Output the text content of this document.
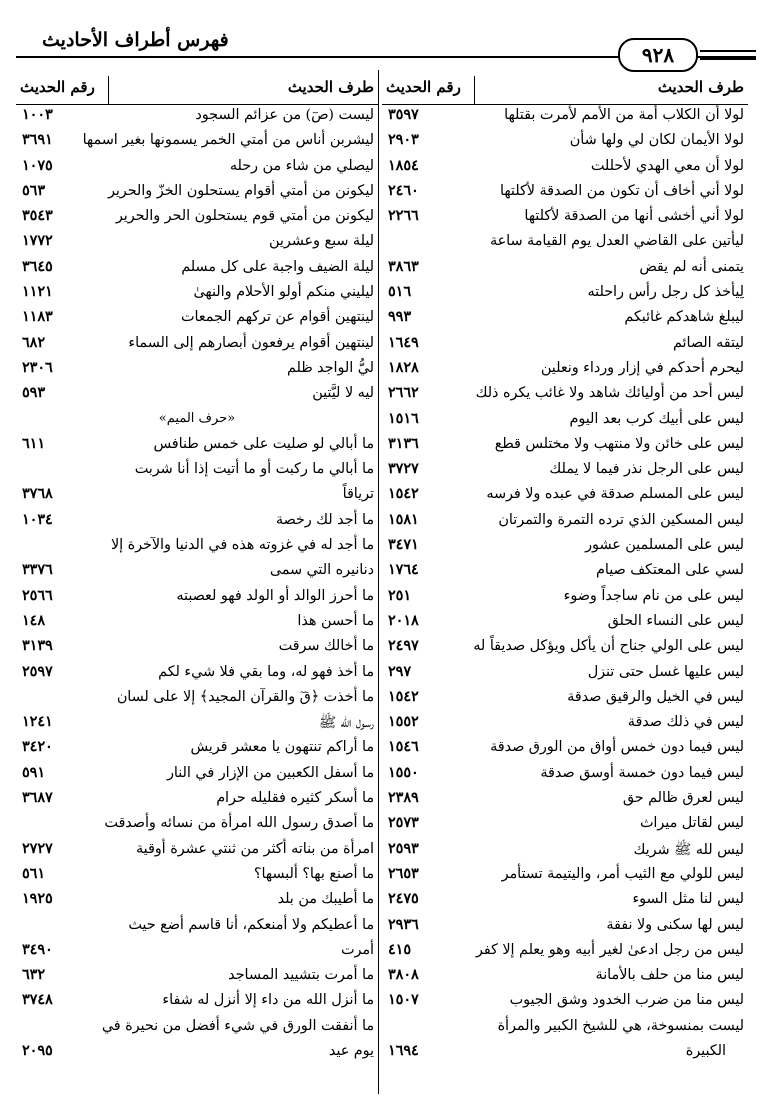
٩٢٨
فهرس أطراف الأحاديث
طرف الحديث
رقم الحديث
لولا أن الكلاب أمة من الأمم لأمرت بقتلها
٣٥٩٧
لولا الأيمان لكان لي ولها شأن
٢٩٠٣
لولا أن معي الهدي لأحللت
١٨٥٤
لولا أني أخاف أن تكون من الصدقة لأكلتها
٢٤٦٠
لولا أني أخشى أنها من الصدقة لأكلتها
٢٢٦٦
ليأتين على القاضي العدل يوم القيامة ساعة
يتمنى أنه لم يقض
٣٨٦٣
لِيأخذ كل رجل رأس راحلته
٥١٦
ليبلغ شاهدكم غائبكم
٩٩٣
ليتقه الصائم
١٦٤٩
ليحرم أحدكم في إزار ورداء ونعلين
١٨٢٨
ليس أحد من أوليائك شاهد ولا غائب يكره ذلك
٢٦٦٢
ليس على أبيك كرب بعد اليوم
١٥١٦
ليس على خائن ولا منتهب ولا مختلس قطع
٣١٣٦
ليس على الرجل نذر فيما لا يملك
٣٧٢٧
ليس على المسلم صدقة في عبده ولا فرسه
١٥٤٢
ليس المسكين الذي ترده التمرة والتمرتان
١٥٨١
ليس على المسلمين عشور
٣٤٧١
لسي على المعتكف صيام
١٧٦٤
ليس على من نام ساجداً وضوء
٢٥١
ليس على النساء الحلق
٢٠١٨
ليس على الولي جناح أن يأكل ويؤكل صديقاً له
٢٤٩٧
ليس عليها غسل حتى تنزل
٢٩٧
ليس في الخيل والرقيق صدقة
١٥٤٢
ليس في ذلك صدقة
١٥٥٢
ليس فيما دون خمس أواق من الورق صدقة
١٥٤٦
ليس فيما دون خمسة أوسق صدقة
١٥٥٠
ليس لعرق ظالم حق
٢٣٨٩
ليس لقاتل ميراث
٢٥٧٣
ليس لله ﷺ شريك
٢٥٩٣
ليس للولي مع الثيب أمر، واليتيمة تستأمر
٢٦٥٣
ليس لنا مثل السوء
٢٤٧٥
ليس لها سكنى ولا نفقة
٢٩٣٦
ليس من رجل ادعىٰ لغير أبيه وهو يعلم إلا كفر
٤١٥
ليس منا من حلف بالأمانة
٣٨٠٨
ليس منا من ضرب الخدود وشق الجيوب
١٥٠٧
ليست بمنسوخة، هي للشيخ الكبير والمرأة
الكبيرة
١٦٩٤
طرف الحديث
رقم الحديث
ليست (صٓ) من عزائم السجود
١٠٠٣
ليشربن أناس من أمتي الخمر يسمونها بغير اسمها
٣٦٩١
ليصلي من شاء من رحله
١٠٧٥
ليكونن من أمتي أقوام يستحلون الخزّ والحرير
٥٦٣
ليكونن من أمتي قوم يستحلون الحر والحرير
٣٥٤٣
ليلة سبع وعشرين
١٧٧٢
ليلة الضيف واجبة على كل مسلم
٣٦٤٥
ليليني منكم أولو الأحلام والنهىٰ
١١٢١
لينتهين أقوام عن تركهم الجمعات
١١٨٣
لينتهين أقوام يرفعون أبصارهم إلى السماء
٦٨٢
ليُّ الواجد ظلم
٢٣٠٦
ليه لا ليَّتين
٥٩٣
«حرف الميم»
ما أبالي لو صليت على خمس طنافس
٦١١
ما أبالي ما ركبت أو ما أتيت إذا أنا شربت
ترياقاً
٣٧٦٨
ما أجد لك رخصة
١٠٣٤
ما أجد له في غزوته هذه في الدنيا والآخرة إلا
دنانيره التي سمى
٣٣٧٦
ما أحرز الوالد أو الولد فهو لعصبته
٢٥٦٦
ما أحسن هذا
١٤٨
ما أخالك سرقت
٣١٣٩
ما أخذ فهو له، وما بقي فلا شيء لكم
٢٥٩٧
ما أخذت ﴿قٓ والقرآن المجيد﴾ إلا على لسان
رسول الله ﷺ
١٢٤١
ما أراكم تنتهون يا معشر قريش
٣٤٢٠
ما أسفل الكعبين من الإزار في النار
٥٩١
ما أسكر كثيره فقليله حرام
٣٦٨٧
ما أصدق رسول الله امرأة من نسائه وأصدقت
امرأة من بناته أكثر من ثنتي عشرة أوقية
٢٧٢٧
ما أصنع بها؟ ألبسها؟
٥٦١
ما أطيبك من بلد
١٩٢٥
ما أعطيكم ولا أمنعكم، أنا قاسم أضع حيث
أمرت
٣٤٩٠
ما أمرت بتشييد المساجد
٦٣٢
ما أنزل الله من داء إلا أنزل له شفاء
٣٧٤٨
ما أنفقت الورق في شيء أفضل من نحيرة في
يوم عيد
٢٠٩٥
